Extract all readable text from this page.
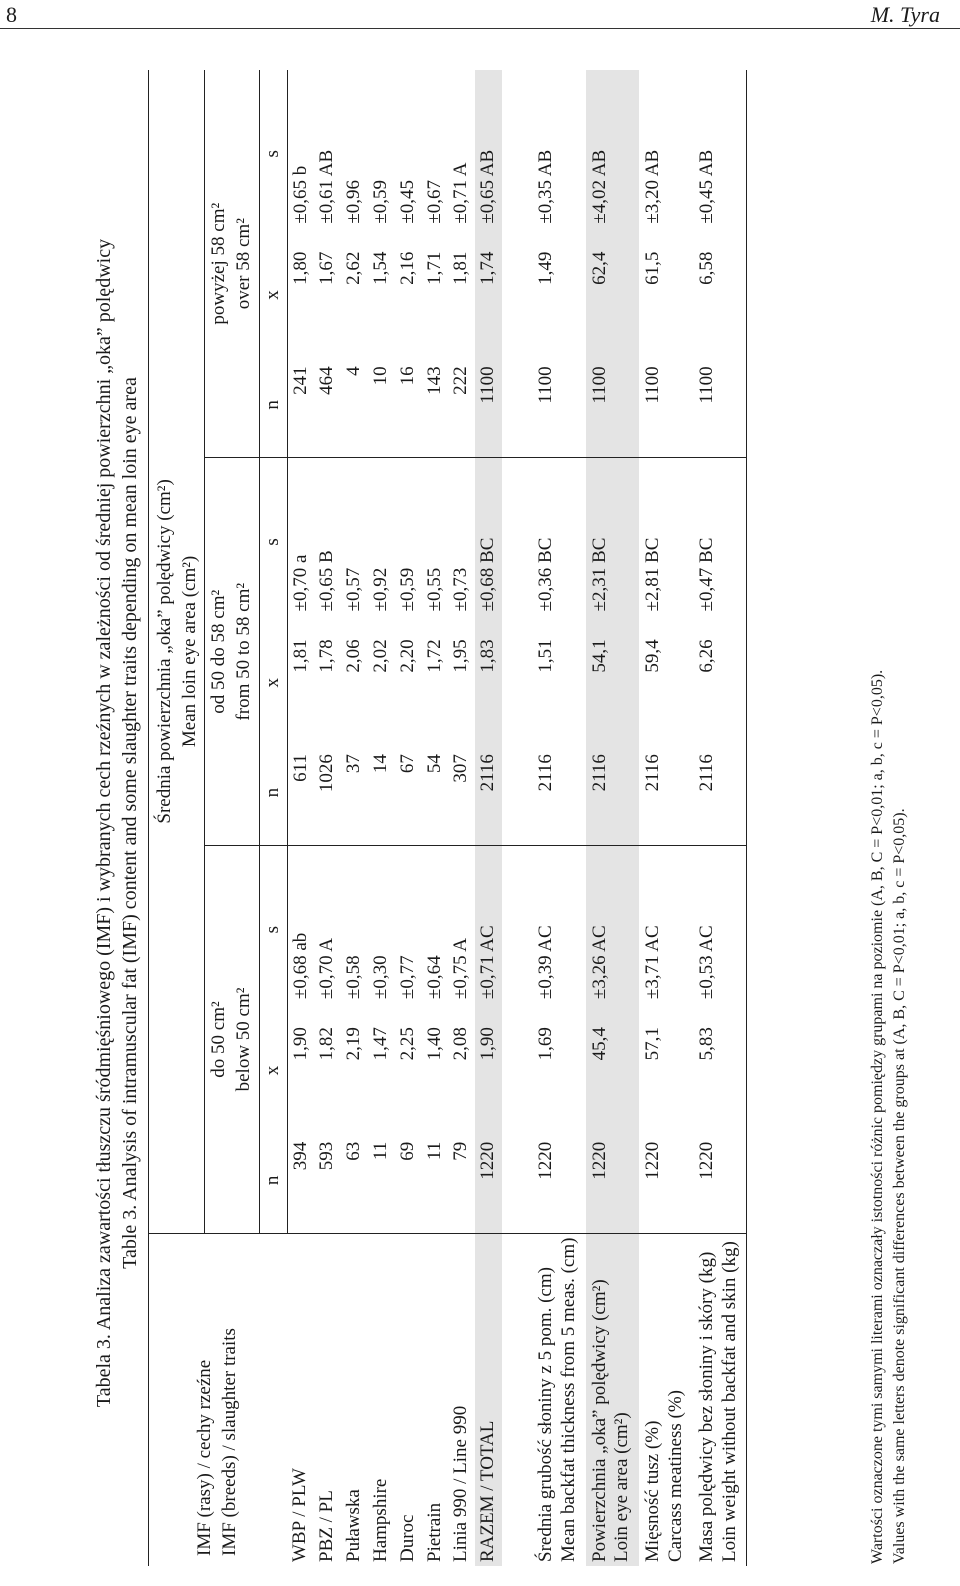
8	M. Tyra
Tabela 3. Analiza zawartości tłuszczu śródmięśniowego (IMF) i wybranych cech rzeźnych w zależności od średniej powierzchni „oka” polędwicy Table 3. Analysis of intramuscular fat (IMF) content and some slaughter traits depending on mean loin eye area
IMF (rasy) / cechy rzeźne IMF (breeds) / slaughter traits	Średnia powierzchnia „oka” polędwicy (cm²) Mean loin eye area (cm²)								

	do 50 cm² below 50 cm²			od 50 do 58 cm² from 50 to 58 cm²			powyżej 58 cm² over 58 cm²		

	n	x	s	n	x	s	n	x	s
WBP / PLW	394	1,90	±0,68 ab	611	1,81	±0,70 a	241	1,80	±0,65 b
PBZ / PL	593	1,82	±0,70 A	1026	1,78	±0,65 B	464	1,67	±0,61 AB
Puławska	63	2,19	±0,58	37	2,06	±0,57	4	2,62	±0,96
Hampshire	11	1,47	±0,30	14	2,02	±0,92	10	1,54	±0,59
Duroc	69	2,25	±0,77	67	2,20	±0,59	16	2,16	±0,45
Pietrain	11	1,40	±0,64	54	1,72	±0,55	143	1,71	±0,67
Linia 990 / Line 990	79	2,08	±0,75 A	307	1,95	±0,73	222	1,81	±0,71 A
RAZEM / TOTAL	1220	1,90	±0,71 AC	2116	1,83	±0,68 BC	1100	1,74	±0,65 AB

Średnia grubość słoniny z 5 pom. (cm) Mean backfat thickness from 5 meas. (cm)	1220	1,69	±0,39 AC	2116	1,51	±0,36 BC	1100	1,49	±0,35 AB

Powierzchnia „oka” polędwicy (cm²) Loin eye area (cm²)	1220	45,4	±3,26 AC	2116	54,1	±2,31 BC	1100	62,4	±4,02 AB

Mięsność tusz (%) Carcass meatiness (%)	1220	57,1	±3,71 AC	2116	59,4	±2,81 BC	1100	61,5	±3,20 AB

Masa polędwicy bez słoniny i skóry (kg) Loin weight without backfat and skin (kg)	1220	5,83	±0,53 AC	2116	6,26	±0,47 BC	1100	6,58	±0,45 AB
Wartości oznaczone tymi samymi literami oznaczały istotności różnic pomiędzy grupami na poziomie (A, B, C = P<0,01; a, b, c = P<0,05). Values with the same letters denote significant differences between the groups at (A, B, C = P<0,01; a, b, c = P<0,05).
